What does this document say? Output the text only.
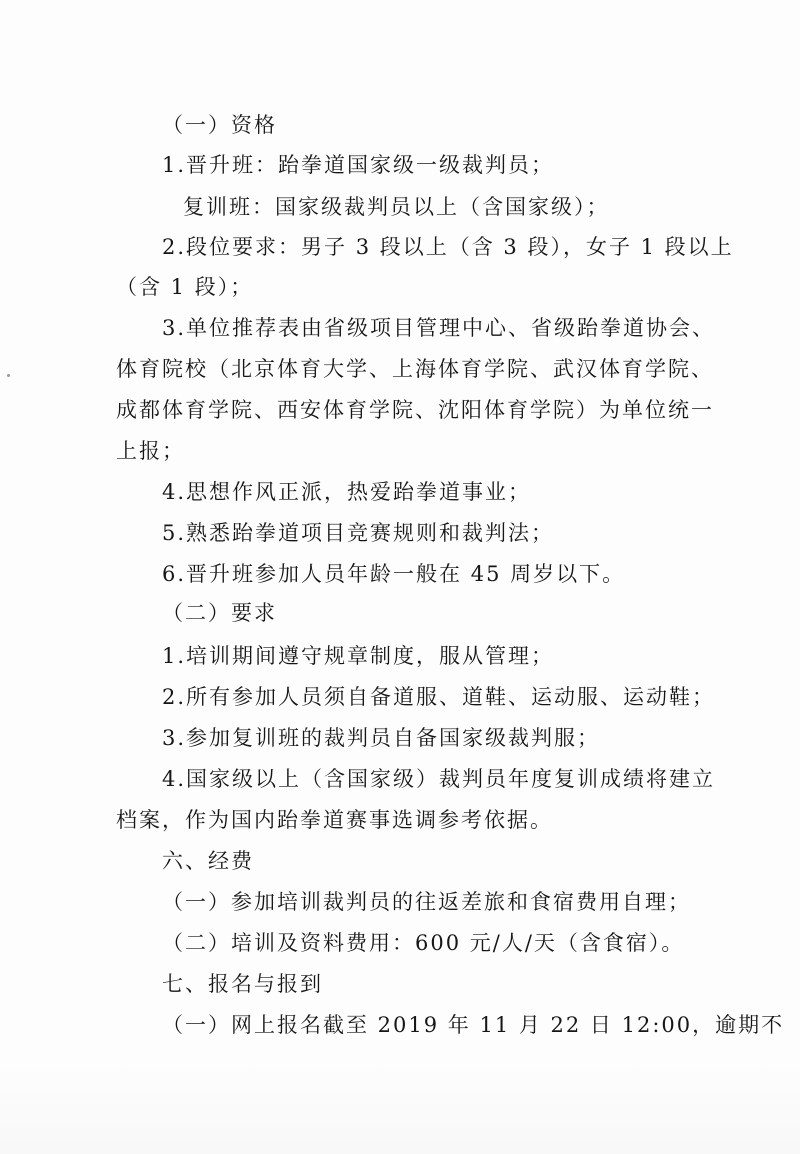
（一）资格
1.晋升班：跆拳道国家级一级裁判员；
复训班：国家级裁判员以上（含国家级）；
2.段位要求：男子 3 段以上（含 3 段），女子 1 段以上
（含 1 段）；
3.单位推荐表由省级项目管理中心、省级跆拳道协会、
体育院校（北京体育大学、上海体育学院、武汉体育学院、
成都体育学院、西安体育学院、沈阳体育学院）为单位统一
上报；
4.思想作风正派，热爱跆拳道事业；
5.熟悉跆拳道项目竞赛规则和裁判法；
6.晋升班参加人员年龄一般在 45 周岁以下。
（二）要求
1.培训期间遵守规章制度，服从管理；
2.所有参加人员须自备道服、道鞋、运动服、运动鞋；
3.参加复训班的裁判员自备国家级裁判服；
4.国家级以上（含国家级）裁判员年度复训成绩将建立
档案，作为国内跆拳道赛事选调参考依据。
六、经费
（一）参加培训裁判员的往返差旅和食宿费用自理；
（二）培训及资料费用：600 元/人/天（含食宿）。
七、报名与报到
（一）网上报名截至 2019 年 11 月 22 日 12:00，逾期不
